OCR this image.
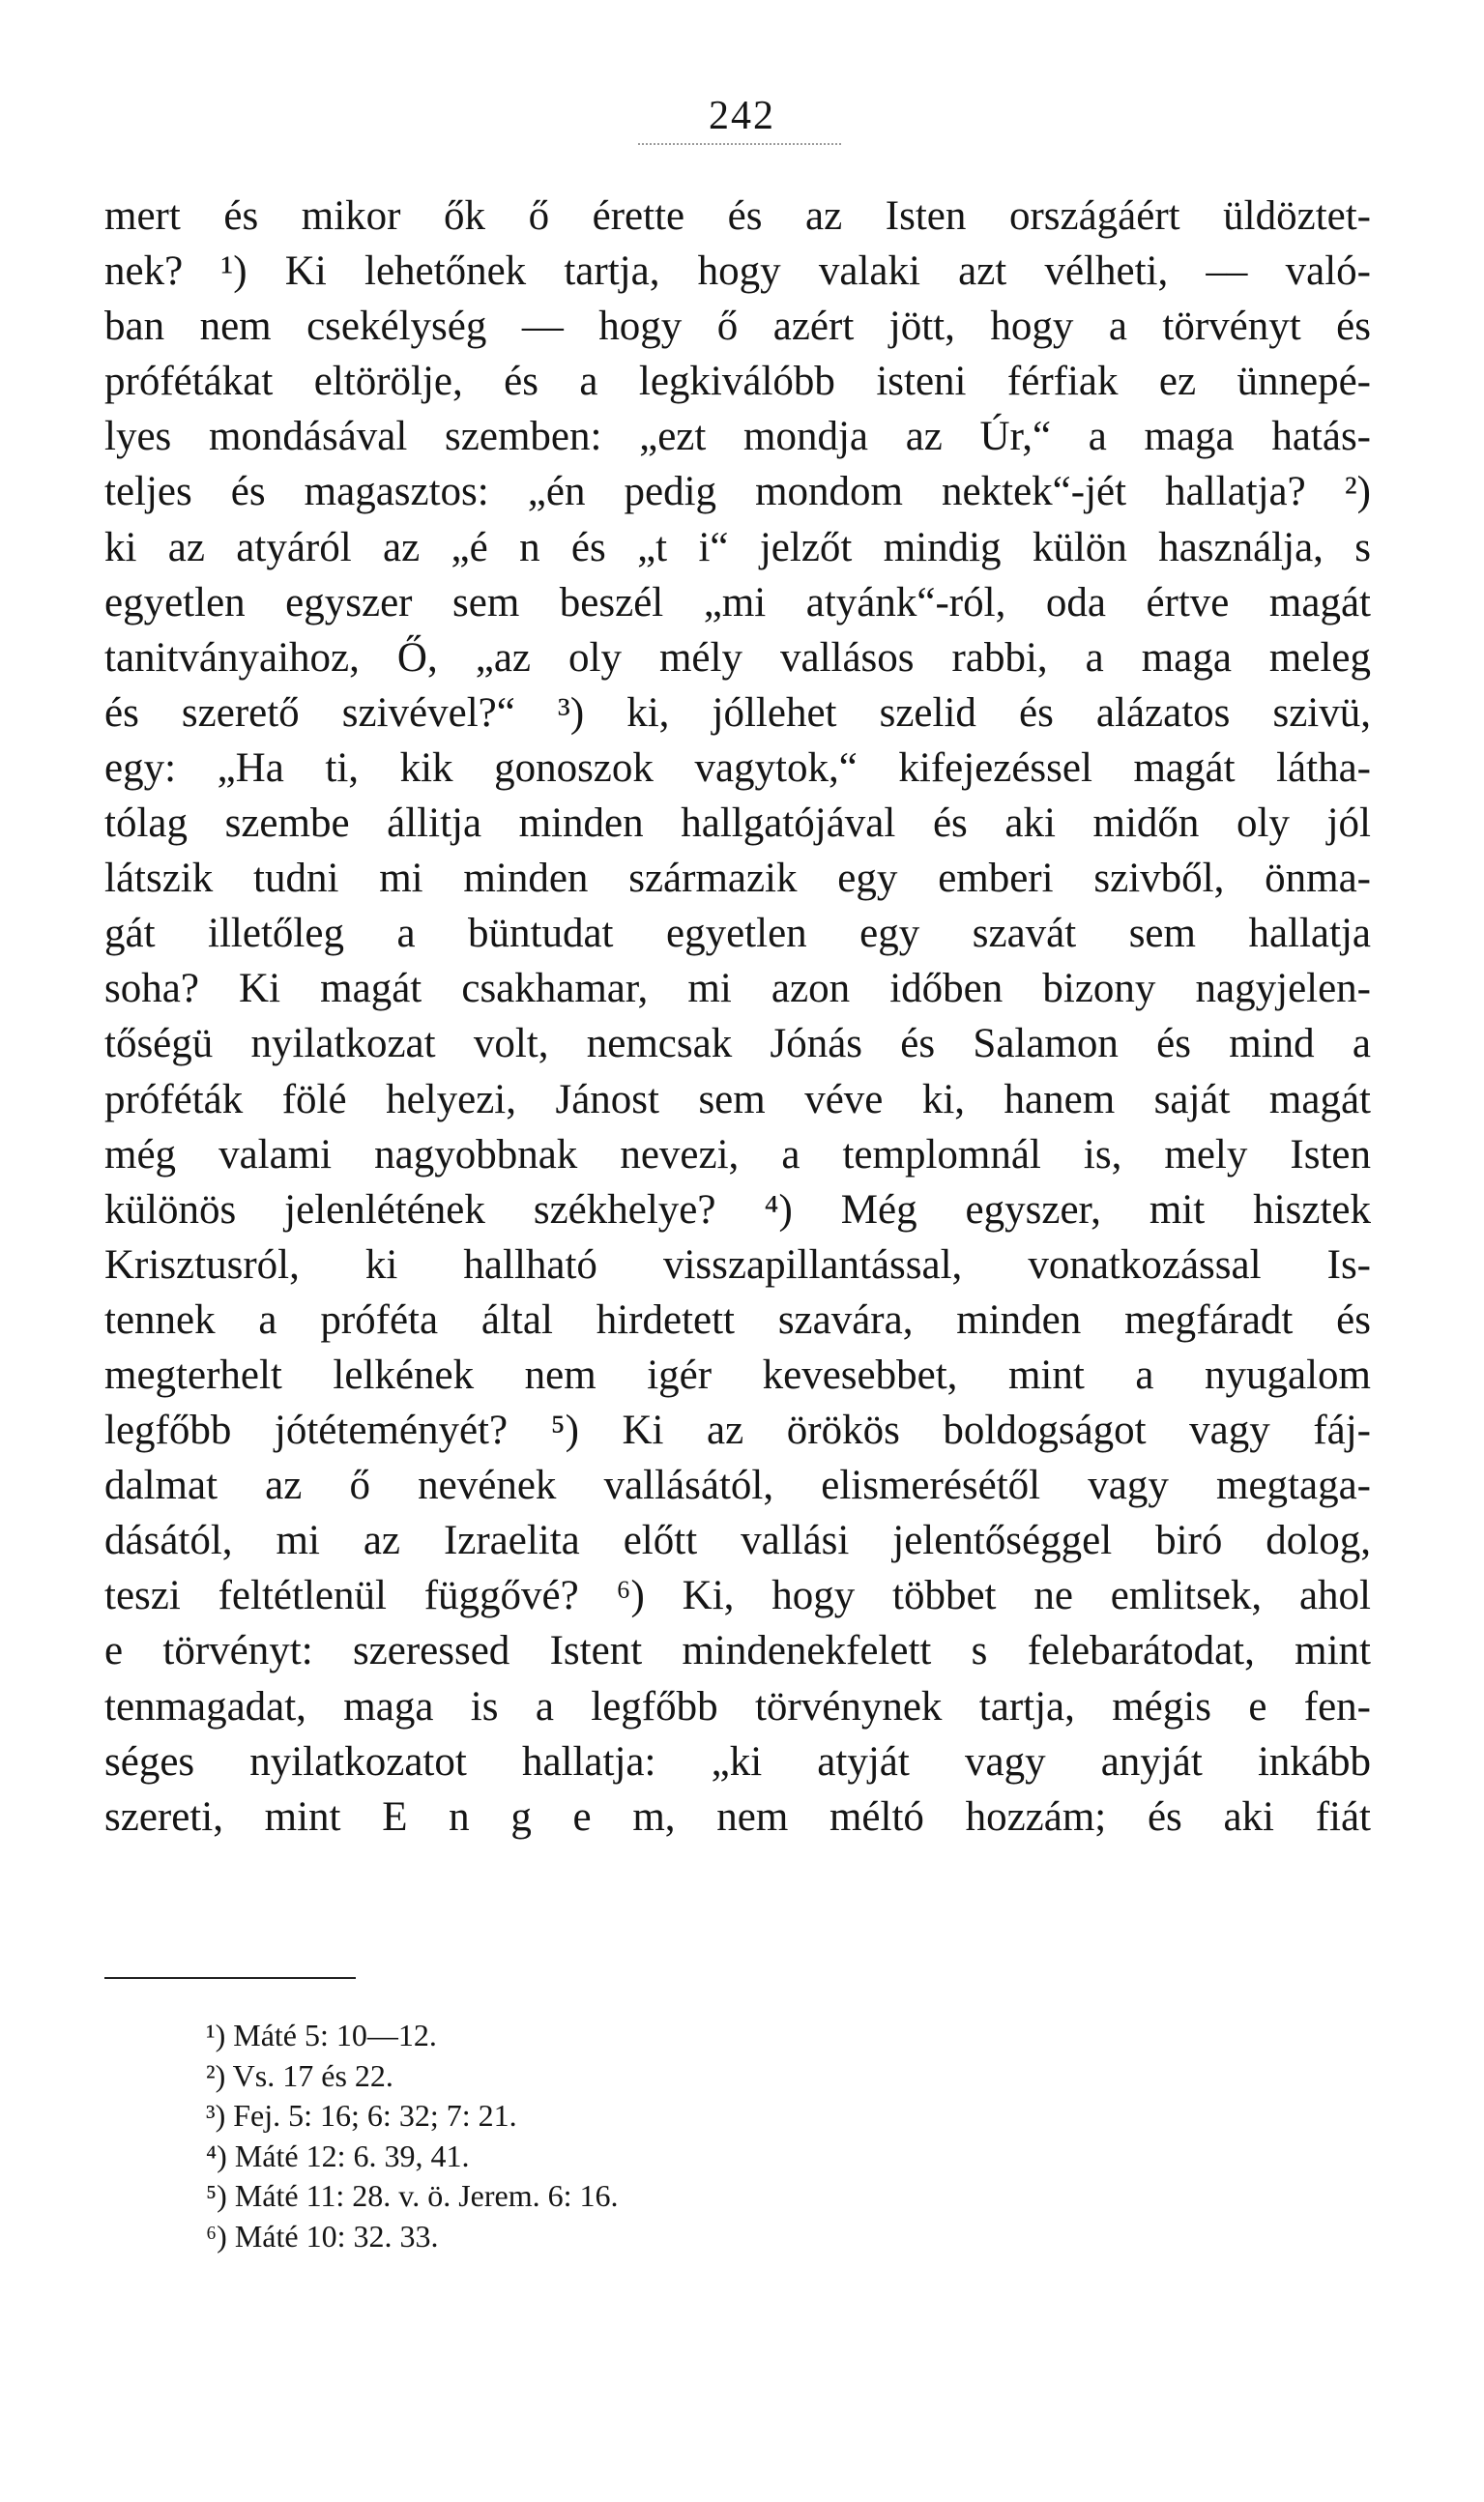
242
mert és mikor ők ő érette és az Isten országáért üldöztet-
nek? ¹) Ki lehetőnek tartja, hogy valaki azt vélheti, –– való-
ban nem csekélység — hogy ő azért jött, hogy a törvényt és
prófétákat eltörölje, és a legkiválóbb isteni férfiak ez ünnepé-
lyes mondásával szemben: „ezt mondja az Úr,“ a maga hatás-
teljes és magasztos: „én pedig mondom nektek“-jét hallatja? ²)
ki az atyáról az „é n és „t i“ jelzőt mindig külön használja, s
egyetlen egyszer sem beszél „mi atyánk“-ról, oda értve magát
tanitványaihoz, Ő, „az oly mély vallásos rabbi, a maga meleg
és szerető szivével?“ ³) ki, jóllehet szelid és alázatos szivü,
egy: „Ha ti, kik gonoszok vagytok,“ kifejezéssel magát látha-
tólag szembe állitja minden hallgatójával és aki midőn oly jól
látszik tudni mi minden származik egy emberi szivből, önma-
gát illetőleg a büntudat egyetlen egy szavát sem hallatja
soha? Ki magát csakhamar, mi azon időben bizony nagyjelen-
tőségü nyilatkozat volt, nemcsak Jónás és Salamon és mind a
próféták fölé helyezi, Jánost sem véve ki, hanem saját magát
még valami nagyobbnak nevezi, a templomnál is, mely Isten
különös jelenlétének székhelye? ⁴) Még egyszer, mit hisztek
Krisztusról, ki hallható visszapillantással, vonatkozással Is-
tennek a próféta által hirdetett szavára, minden megfáradt és
megterhelt lelkének nem igér kevesebbet, mint a nyugalom
legfőbb jótéteményét? ⁵) Ki az örökös boldogságot vagy fáj-
dalmat az ő nevének vallásától, elismerésétől vagy megtaga-
dásától, mi az Izraelita előtt vallási jelentőséggel biró dolog,
teszi feltétlenül függővé? ⁶) Ki, hogy többet ne emlitsek, ahol
e törvényt: szeressed Istent mindenekfelett s felebarátodat, mint
tenmagadat, maga is a legfőbb törvénynek tartja, mégis e fen-
séges nyilatkozatot hallatja: „ki atyját vagy anyját inkább
szereti, mint E n g e m, nem méltó hozzám; és aki fiát
¹) Máté 5: 10—12.
²) Vs. 17 és 22.
³) Fej. 5: 16; 6: 32; 7: 21.
⁴) Máté 12: 6. 39, 41.
⁵) Máté 11: 28. v. ö. Jerem. 6: 16.
⁶) Máté 10: 32. 33.
